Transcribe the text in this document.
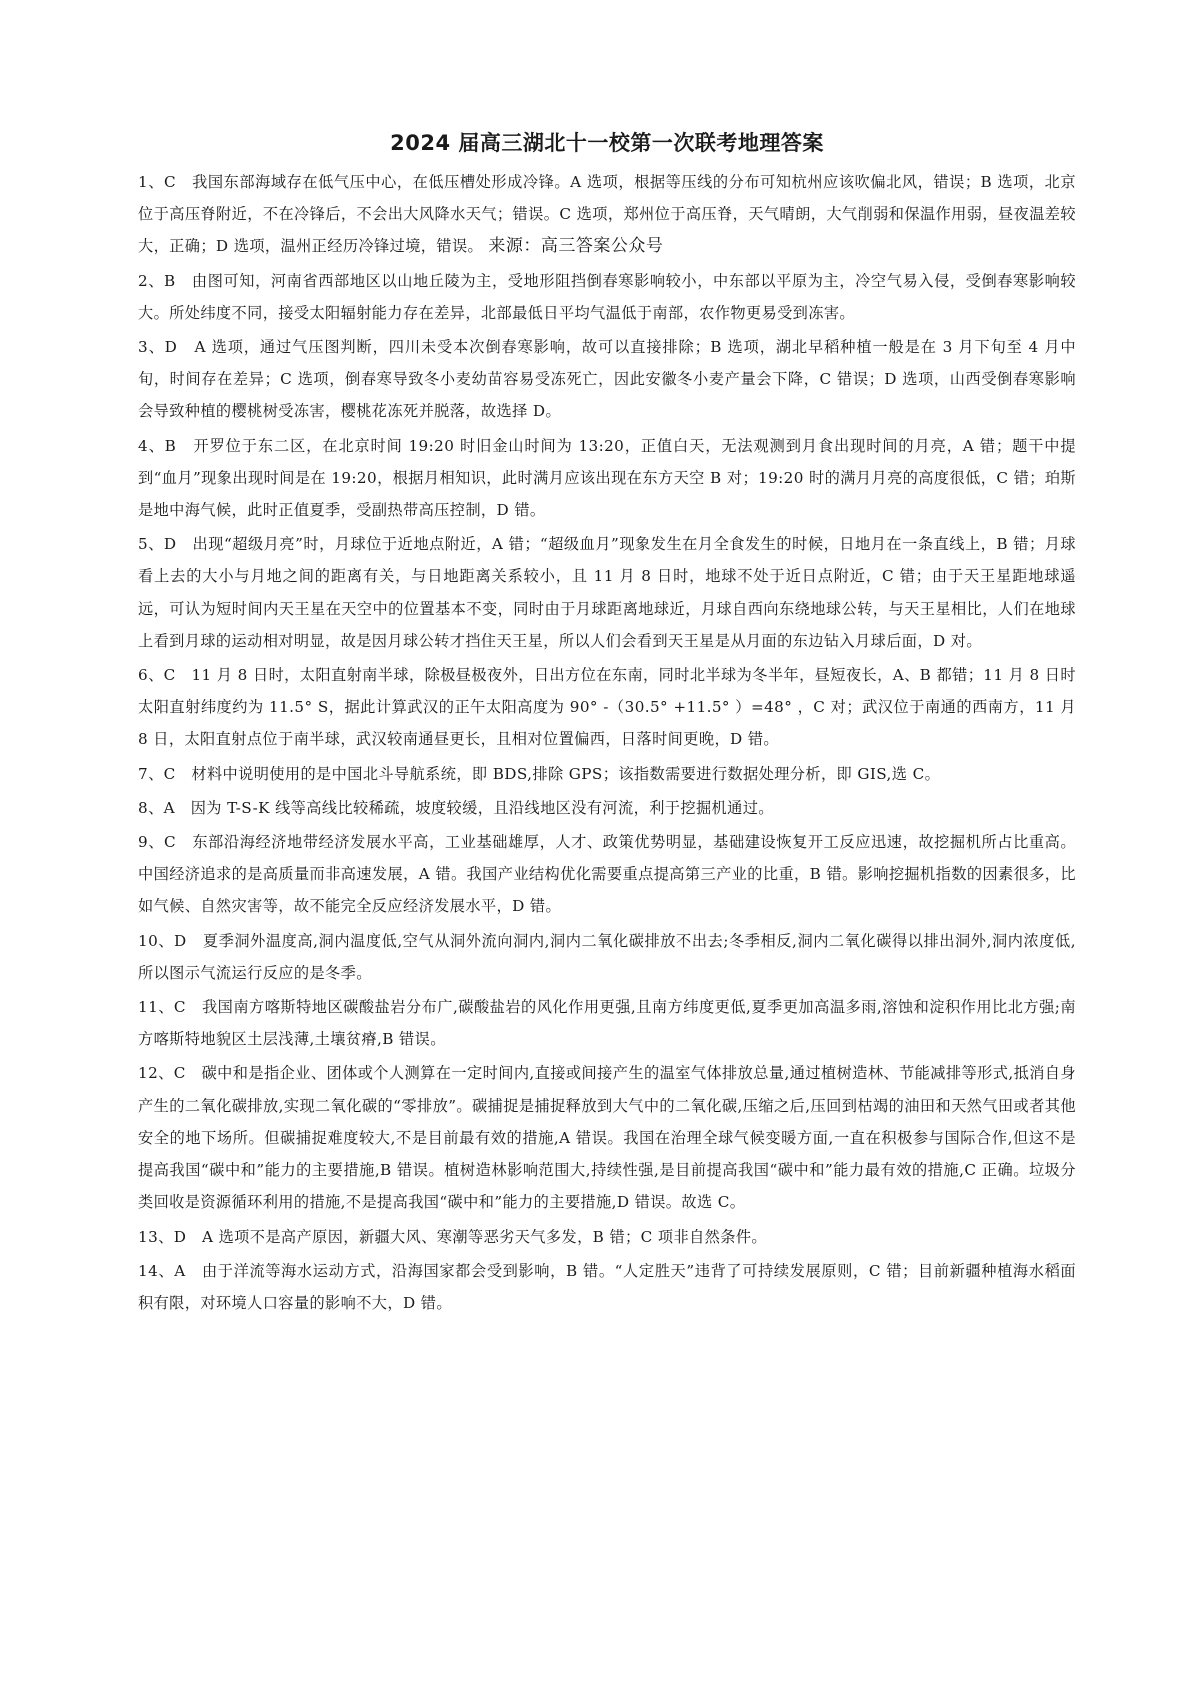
2024 届高三湖北十一校第一次联考地理答案

1、C 我国东部海域存在低气压中心，在低压槽处形成冷锋。A 选项，根据等压线的分布可知杭州应该吹偏北风，错误；B 选项，北京位于高压脊附近，不在冷锋后，不会出大风降水天气；错误。C 选项，郑州位于高压脊，天气晴朗，大气削弱和保温作用弱，昼夜温差较大，正确；D 选项，温州正经历冷锋过境，错误。 来源：高三答案公众号

2、B 由图可知，河南省西部地区以山地丘陵为主，受地形阻挡倒春寒影响较小，中东部以平原为主，冷空气易入侵，受倒春寒影响较大。所处纬度不同，接受太阳辐射能力存在差异，北部最低日平均气温低于南部，农作物更易受到冻害。

3、D A 选项，通过气压图判断，四川未受本次倒春寒影响，故可以直接排除；B 选项，湖北早稻种植一般是在 3 月下旬至 4 月中旬，时间存在差异；C 选项，倒春寒导致冬小麦幼苗容易受冻死亡，因此安徽冬小麦产量会下降，C 错误；D 选项，山西受倒春寒影响会导致种植的樱桃树受冻害，樱桃花冻死并脱落，故选择 D。

4、B 开罗位于东二区，在北京时间 19:20 时旧金山时间为 13:20，正值白天，无法观测到月食出现时间的月亮，A 错；题干中提到“血月”现象出现时间是在 19:20，根据月相知识，此时满月应该出现在东方天空 B 对；19:20 时的满月月亮的高度很低，C 错；珀斯是地中海气候，此时正值夏季，受副热带高压控制，D 错。

5、D 出现“超级月亮”时，月球位于近地点附近，A 错；“超级血月”现象发生在月全食发生的时候，日地月在一条直线上，B 错；月球看上去的大小与月地之间的距离有关，与日地距离关系较小，且 11 月 8 日时，地球不处于近日点附近，C 错；由于天王星距地球遥远，可认为短时间内天王星在天空中的位置基本不变，同时由于月球距离地球近，月球自西向东绕地球公转，与天王星相比，人们在地球上看到月球的运动相对明显，故是因月球公转才挡住天王星，所以人们会看到天王星是从月面的东边钻入月球后面，D 对。

6、C 11 月 8 日时，太阳直射南半球，除极昼极夜外，日出方位在东南，同时北半球为冬半年，昼短夜长，A、B 都错；11 月 8 日时太阳直射纬度约为 11.5° S，据此计算武汉的正午太阳高度为 90° -（30.5° +11.5° ）=48° ，C 对；武汉位于南通的西南方，11 月 8 日，太阳直射点位于南半球，武汉较南通昼更长，且相对位置偏西，日落时间更晚，D 错。

7、C 材料中说明使用的是中国北斗导航系统，即 BDS,排除 GPS；该指数需要进行数据处理分析，即 GIS,选 C。

8、A 因为 T-S-K 线等高线比较稀疏，坡度较缓，且沿线地区没有河流，利于挖掘机通过。

9、C 东部沿海经济地带经济发展水平高，工业基础雄厚，人才、政策优势明显，基础建设恢复开工反应迅速，故挖掘机所占比重高。中国经济追求的是高质量而非高速发展，A 错。我国产业结构优化需要重点提高第三产业的比重，B 错。影响挖掘机指数的因素很多，比如气候、自然灾害等，故不能完全反应经济发展水平，D 错。

10、D 夏季洞外温度高,洞内温度低,空气从洞外流向洞内,洞内二氧化碳排放不出去;冬季相反,洞内二氧化碳得以排出洞外,洞内浓度低,所以图示气流运行反应的是冬季。

11、C 我国南方喀斯特地区碳酸盐岩分布广,碳酸盐岩的风化作用更强,且南方纬度更低,夏季更加高温多雨,溶蚀和淀积作用比北方强;南方喀斯特地貌区土层浅薄,土壤贫瘠,B 错误。

12、C 碳中和是指企业、团体或个人测算在一定时间内,直接或间接产生的温室气体排放总量,通过植树造林、节能减排等形式,抵消自身产生的二氧化碳排放,实现二氧化碳的“零排放”。碳捕捉是捕捉释放到大气中的二氧化碳,压缩之后,压回到枯竭的油田和天然气田或者其他安全的地下场所。但碳捕捉难度较大,不是目前最有效的措施,A 错误。我国在治理全球气候变暖方面,一直在积极参与国际合作,但这不是提高我国“碳中和”能力的主要措施,B 错误。植树造林影响范围大,持续性强,是目前提高我国“碳中和”能力最有效的措施,C 正确。垃圾分类回收是资源循环利用的措施,不是提高我国“碳中和”能力的主要措施,D 错误。故选 C。

13、D A 选项不是高产原因，新疆大风、寒潮等恶劣天气多发，B 错；C 项非自然条件。

14、A 由于洋流等海水运动方式，沿海国家都会受到影响，B 错。“人定胜天”违背了可持续发展原则，C 错；目前新疆种植海水稻面积有限，对环境人口容量的影响不大，D 错。
